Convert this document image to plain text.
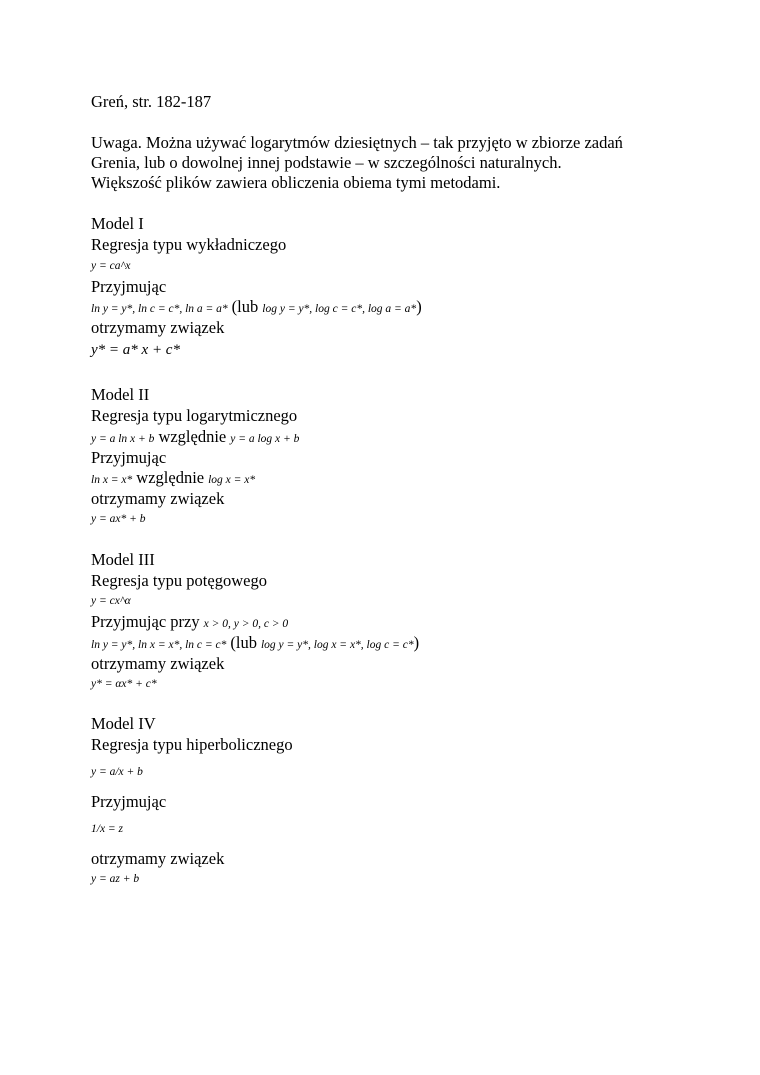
Greń, str. 182-187
Uwaga. Można używać logarytmów dziesiętnych – tak przyjęto w zbiorze zadań
Grenia, lub o dowolnej innej podstawie – w szczególności naturalnych.
Większość plików zawiera obliczenia obiema tymi metodami.
Model I
Regresja typu wykładniczego
y = ca^x
Przyjmując
ln y = y*, ln c = c*, ln a = a* (lub log y = y*, log c = c*, log a = a*)
otrzymamy związek
y* = a* x + c*
Model II
Regresja typu logarytmicznego
y = a ln x + b względnie y = a log x + b
Przyjmując
ln x = x* względnie log x = x*
otrzymamy związek
y = ax* + b
Model III
Regresja typu potęgowego
y = cx^α
Przyjmując przy x > 0, y > 0, c > 0
ln y = y*, ln x = x*, ln c = c* (lub log y = y*, log x = x*, log c = c*)
otrzymamy związek
y* = αx* + c*
Model IV
Regresja typu hiperbolicznego
y = a/x + b
Przyjmując
1/x = z
otrzymamy związek
y = az + b
